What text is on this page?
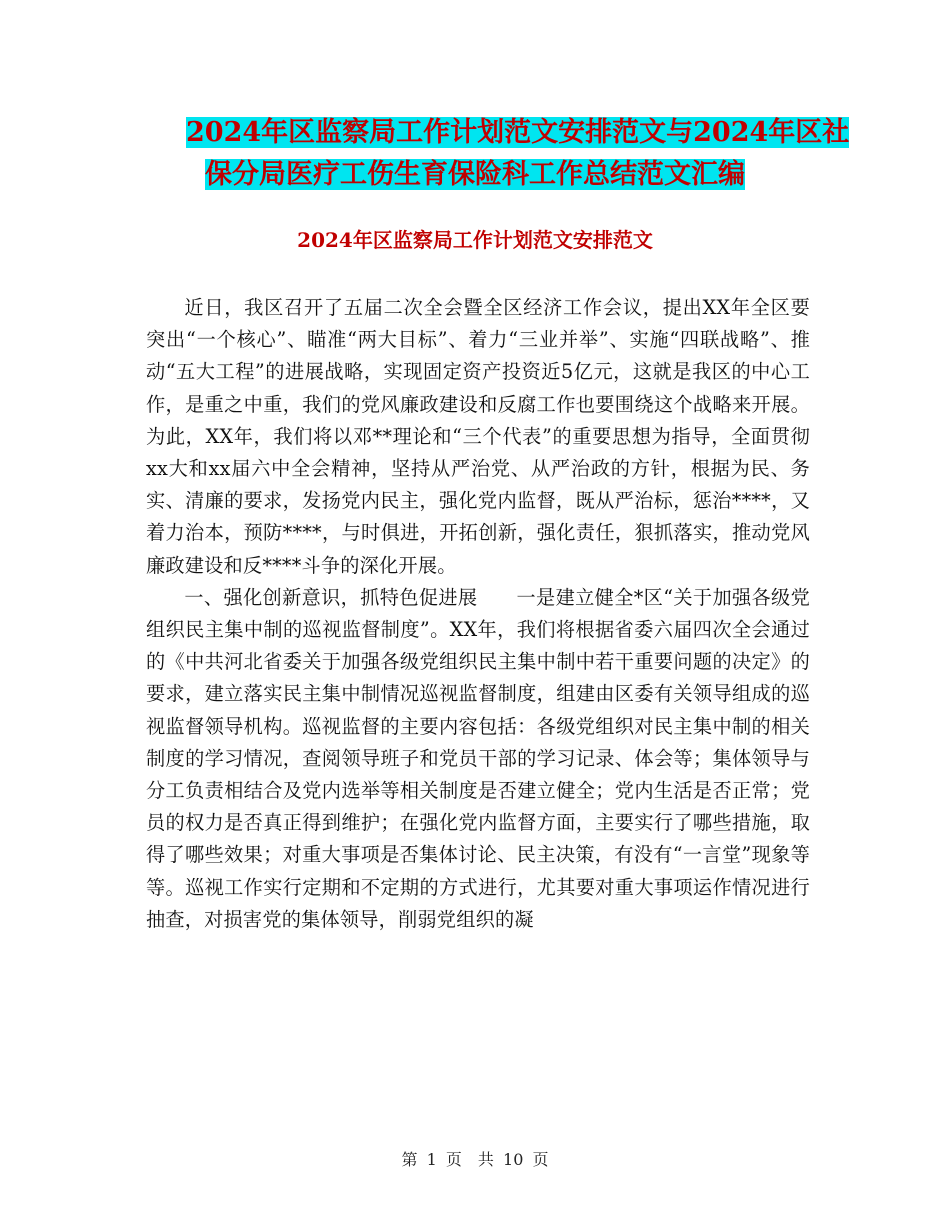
2024年区监察局工作计划范文安排范文与2024年区社
保分局医疗工伤生育保险科工作总结范文汇编
2024年区监察局工作计划范文安排范文

近日，我区召开了五届二次全会暨全区经济工作会议，提出XX年全区要突出“一个核心”、瞄准“两大目标”、着力“三业并举”、实施“四联战略”、推动“五大工程”的进展战略，实现固定资产投资近5亿元，这就是我区的中心工作，是重之中重，我们的党风廉政建设和反腐工作也要围绕这个战略来开展。为此，XX年，我们将以邓**理论和“三个代表”的重要思想为指导，全面贯彻xx大和xx届六中全会精神，坚持从严治党、从严治政的方针，根据为民、务实、清廉的要求，发扬党内民主，强化党内监督，既从严治标，惩治****，又着力治本，预防****，与时俱进，开拓创新，强化责任，狠抓落实，推动党风廉政建设和反****斗争的深化开展。

一、强化创新意识，抓特色促进展　　一是建立健全*区“关于加强各级党组织民主集中制的巡视监督制度”。XX年，我们将根据省委六届四次全会通过的《中共河北省委关于加强各级党组织民主集中制中若干重要问题的决定》的要求，建立落实民主集中制情况巡视监督制度，组建由区委有关领导组成的巡视监督领导机构。巡视监督的主要内容包括：各级党组织对民主集中制的相关制度的学习情况，查阅领导班子和党员干部的学习记录、体会等；集体领导与分工负责相结合及党内选举等相关制度是否建立健全；党内生活是否正常；党员的权力是否真正得到维护；在强化党内监督方面，主要实行了哪些措施，取得了哪些效果；对重大事项是否集体讨论、民主决策，有没有“一言堂”现象等等。巡视工作实行定期和不定期的方式进行，尤其要对重大事项运作情况进行抽查，对损害党的集体领导，削弱党组织的凝

第 1 页　共 10 页
